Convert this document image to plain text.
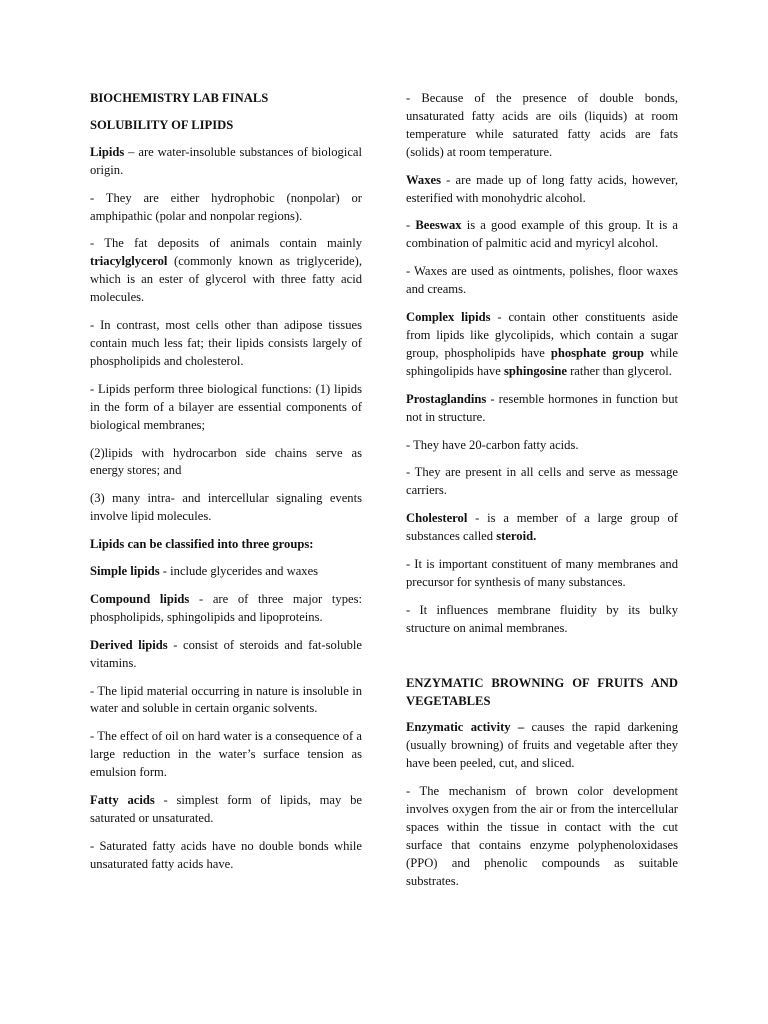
BIOCHEMISTRY LAB FINALS

SOLUBILITY OF LIPIDS

Lipids – are water-insoluble substances of biological origin.

- They are either hydrophobic (nonpolar) or amphipathic (polar and nonpolar regions).

- The fat deposits of animals contain mainly triacylglycerol (commonly known as triglyceride), which is an ester of glycerol with three fatty acid molecules.

- In contrast, most cells other than adipose tissues contain much less fat; their lipids consists largely of phospholipids and cholesterol.

- Lipids perform three biological functions: (1) lipids in the form of a bilayer are essential components of biological membranes;

(2)lipids with hydrocarbon side chains serve as energy stores; and

(3) many intra- and intercellular signaling events involve lipid molecules.

Lipids can be classified into three groups:

Simple lipids - include glycerides and waxes

Compound lipids - are of three major types: phospholipids, sphingolipids and lipoproteins.

Derived lipids - consist of steroids and fat-soluble vitamins.

- The lipid material occurring in nature is insoluble in water and soluble in certain organic solvents.

- The effect of oil on hard water is a consequence of a large reduction in the water’s surface tension as emulsion form.

Fatty acids - simplest form of lipids, may be saturated or unsaturated.

- Saturated fatty acids have no double bonds while unsaturated fatty acids have.

- Because of the presence of double bonds, unsaturated fatty acids are oils (liquids) at room temperature while saturated fatty acids are fats (solids) at room temperature.

Waxes - are made up of long fatty acids, however, esterified with monohydric alcohol.

- Beeswax is a good example of this group. It is a combination of palmitic acid and myricyl alcohol.

- Waxes are used as ointments, polishes, floor waxes and creams.

Complex lipids - contain other constituents aside from lipids like glycolipids, which contain a sugar group, phospholipids have phosphate group while sphingolipids have sphingosine rather than glycerol.

Prostaglandins - resemble hormones in function but not in structure.

- They have 20-carbon fatty acids.

- They are present in all cells and serve as message carriers.

Cholesterol - is a member of a large group of substances called steroid.

- It is important constituent of many membranes and precursor for synthesis of many substances.

- It influences membrane fluidity by its bulky structure on animal membranes.

ENZYMATIC BROWNING OF FRUITS AND VEGETABLES

Enzymatic activity – causes the rapid darkening (usually browning) of fruits and vegetable after they have been peeled, cut, and sliced.

- The mechanism of brown color development involves oxygen from the air or from the intercellular spaces within the tissue in contact with the cut surface that contains enzyme polyphenoloxidases (PPO) and phenolic compounds as suitable substrates.
